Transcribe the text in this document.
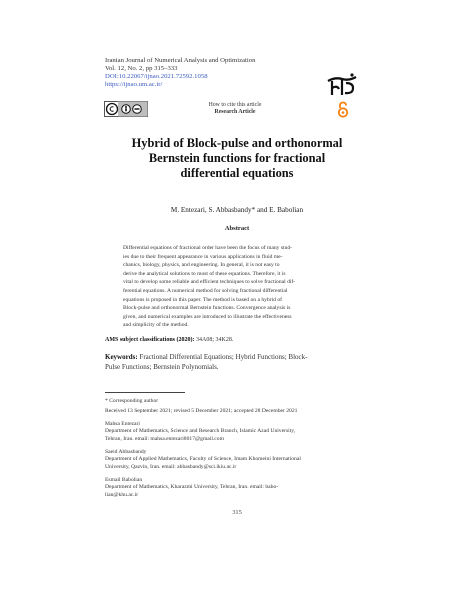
Iranian Journal of Numerical Analysis and Optimization
Vol. 12, No. 2, pp 315–333
DOI:10.22067/ijnao.2021.72592.1058
https://ijnao.um.ac.ir/
How to cite this article
Research Article
Hybrid of Block-pulse and orthonormal
Bernstein functions for fractional
differential equations
M. Entezari, S. Abbasbandy* and E. Babolian
Abstract
Differential equations of fractional order have been the focus of many stud-
ies due to their frequent appearance in various applications in fluid me-
chanics, biology, physics, and engineering. In general, it is not easy to
derive the analytical solutions to most of these equations. Therefore, it is
vital to develop some reliable and efficient techniques to solve fractional dif-
ferential equations. A numerical method for solving fractional differential
equations is proposed in this paper. The method is based on a hybrid of
Block-pulse and orthonormal Bernstein functions. Convergence analysis is
given, and numerical examples are introduced to illustrate the effectiveness
and simplicity of the method.
AMS subject classifications (2020): 34A08; 34K28.
Keywords: Fractional Differential Equations; Hybrid Functions; Block-
Pulse Functions; Bernstein Polynomials.
* Corresponding author
Received 13 September 2021; revised 5 December 2021; accepted 28 December 2021
Mahsa Entezari
Department of Mathematics, Science and Research Branch, Islamic Azad University,
Tehran, Iran. email: mahsa.entezari8017@gmail.com
Saeid Abbasbandy
Department of Applied Mathematics, Faculty of Science, Imam Khomeini International
University, Qazvin, Iran. email: abbasbandy@sci.ikiu.ac.ir
Esmail Babolian
Department of Mathematics, Kharazmi University, Tehran, Iran. email: babo-
lian@khu.ac.ir
315
